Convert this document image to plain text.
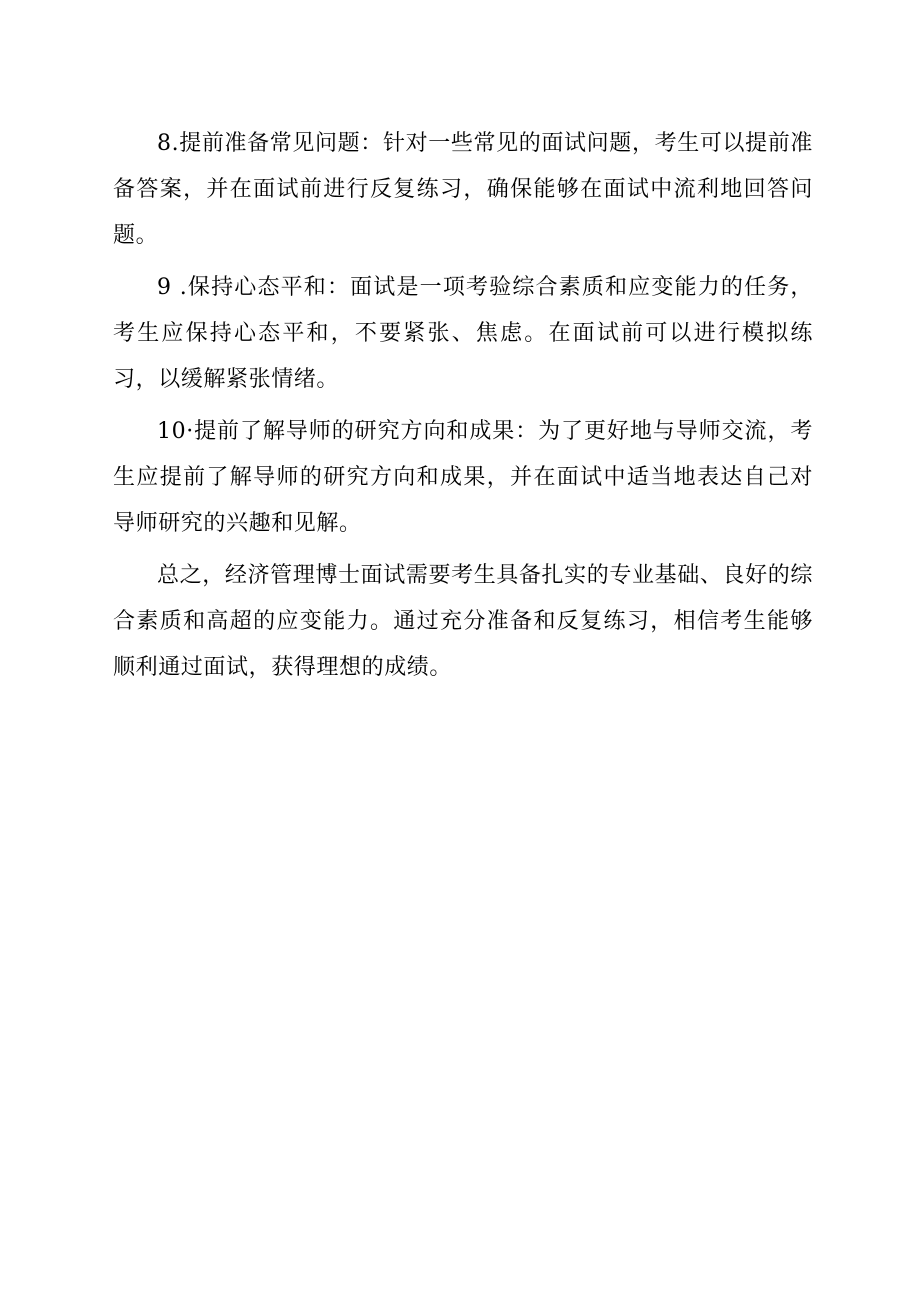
8.提前准备常见问题：针对一些常见的面试问题，考生可以提前准备答案，并在面试前进行反复练习，确保能够在面试中流利地回答问题。

9 .保持心态平和：面试是一项考验综合素质和应变能力的任务，考生应保持心态平和，不要紧张、焦虑。在面试前可以进行模拟练习，以缓解紧张情绪。

10·提前了解导师的研究方向和成果：为了更好地与导师交流，考生应提前了解导师的研究方向和成果，并在面试中适当地表达自己对导师研究的兴趣和见解。

总之，经济管理博士面试需要考生具备扎实的专业基础、良好的综合素质和高超的应变能力。通过充分准备和反复练习，相信考生能够顺利通过面试，获得理想的成绩。
